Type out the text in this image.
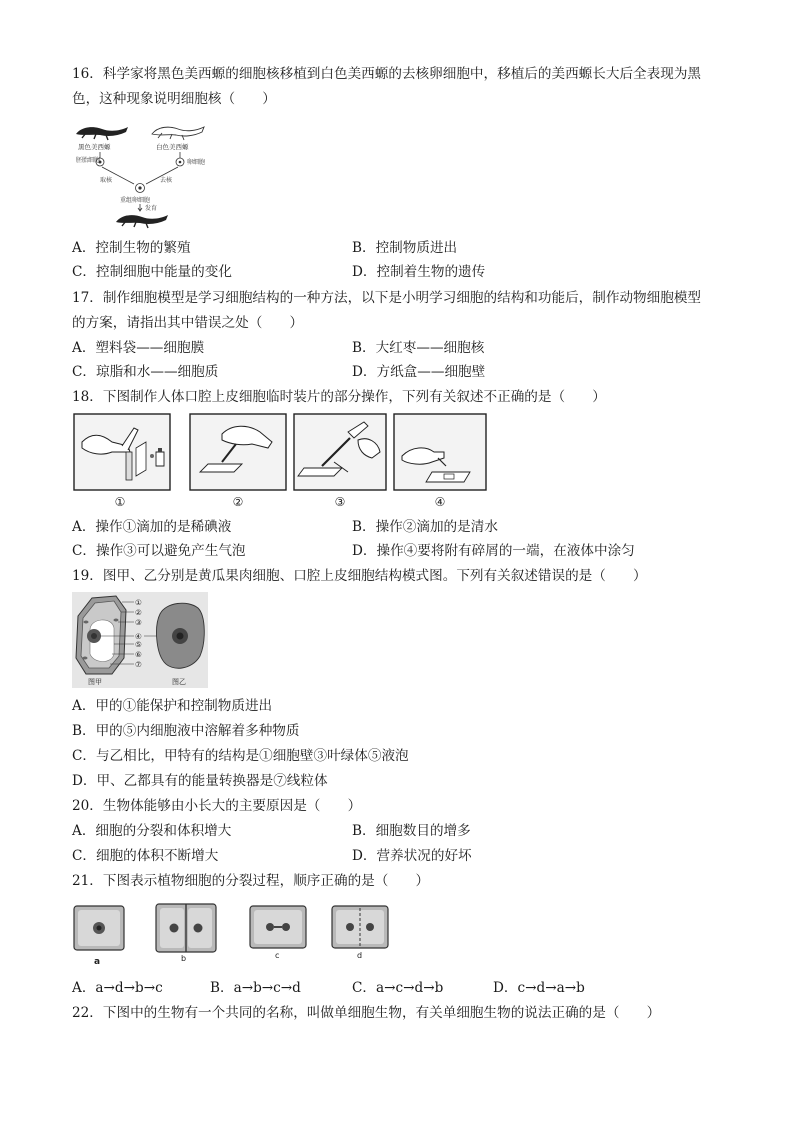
16．科学家将黑色美西螈的细胞核移植到白色美西螈的去核卵细胞中，移植后的美西螈长大后全表现为黑
色，这种现象说明细胞核（　　）
黑色美西螈	白色美西螈
胚胎细胞	卵细胞
取核	去核
重组卵细胞
发育
A．控制生物的繁殖	B．控制物质进出
C．控制细胞中能量的变化	D．控制着生物的遗传
17．制作细胞模型是学习细胞结构的一种方法，以下是小明学习细胞的结构和功能后，制作动物细胞模型
的方案，请指出其中错误之处（　　）
A．塑料袋——细胞膜	B．大红枣——细胞核
C．琼脂和水——细胞质	D．方纸盒——细胞壁
18．下图制作人体口腔上皮细胞临时装片的部分操作，下列有关叙述不正确的是（　　）
①	②	③	④
A．操作①滴加的是稀碘液	B．操作②滴加的是清水
C．操作③可以避免产生气泡	D．操作④要将附有碎屑的一端，在液体中涂匀
19．图甲、乙分别是黄瓜果肉细胞、口腔上皮细胞结构模式图。下列有关叙述错误的是（　　）
①
②
③
④
⑤
⑥
⑦
图甲	图乙
A．甲的①能保护和控制物质进出
B．甲的⑤内细胞液中溶解着多种物质
C．与乙相比，甲特有的结构是①细胞壁③叶绿体⑤液泡
D．甲、乙都具有的能量转换器是⑦线粒体
20．生物体能够由小长大的主要原因是（　　）
A．细胞的分裂和体积增大	B．细胞数目的增多
C．细胞的体积不断增大	D．营养状况的好坏
21．下图表示植物细胞的分裂过程，顺序正确的是（　　）
a	b	c	d
A．a→d→b→c	B．a→b→c→d	C．a→c→d→b	D．c→d→a→b
22．下图中的生物有一个共同的名称，叫做单细胞生物，有关单细胞生物的说法正确的是（　　）
